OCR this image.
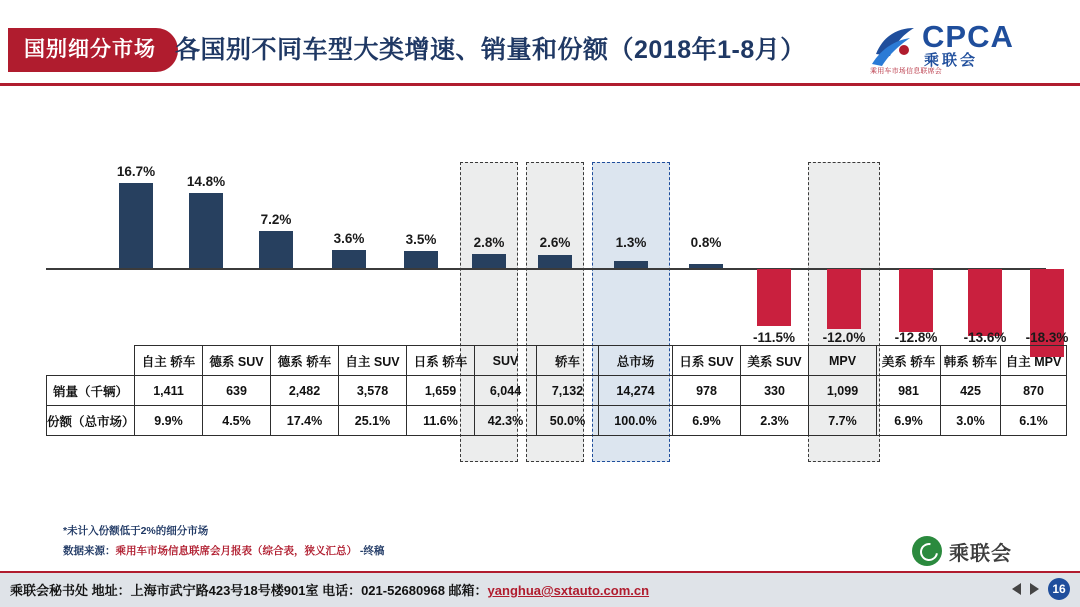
国别细分市场 各国别不同车型大类增速、销量和份额（2018年1-8月）	CPCA
乘联会
乘用车市场信息联席会
16.7%
14.8%
7.2%
3.6%	3.5%	2.8%	2.6%	1.3%	0.8%
-11.5%	-12.0%	-12.8%	-13.6%	-18.3%
	自主 轿车	德系 SUV	德系 轿车	自主 SUV	日系 轿车	SUV	轿车	总市场	日系 SUV	美系 SUV	MPV	美系 轿车	韩系 轿车	自主 MPV
销量（千辆）	1,411	639	2,482	3,578	1,659	6,044	7,132	14,274	978	330	1,099	981	425	870
份额（总市场）	9.9%	4.5%	17.4%	25.1%	11.6%	42.3%	50.0%	100.0%	6.9%	2.3%	7.7%	6.9%	3.0%	6.1%
*未计入份额低于2%的细分市场
数据来源：乘用车市场信息联席会月报表（综合表，狭义汇总） -终稿	乘联会
乘联会秘书处 地址：上海市武宁路423号18号楼901室 电话：021-52680968 邮箱：yanghua@sxtauto.com.cn	16
